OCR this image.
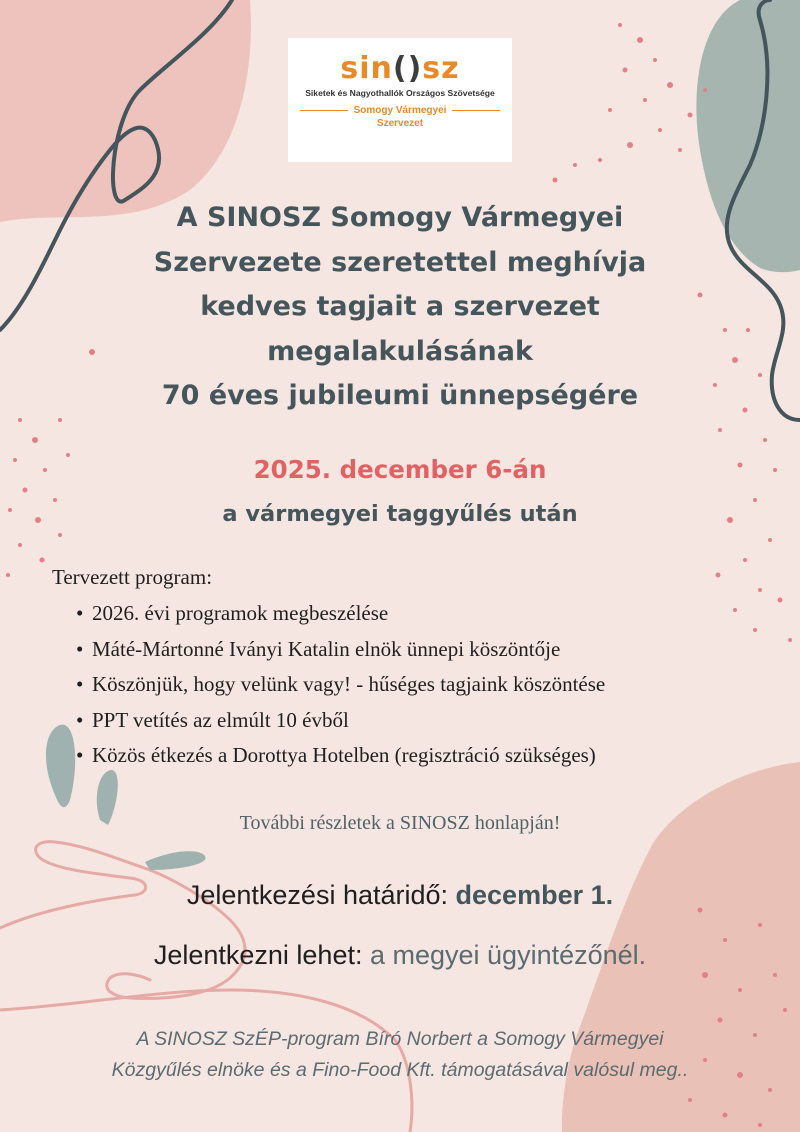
sin()sz
Siketek és Nagyothallók Országos Szövetsége
Somogy Vármegyei
Szervezet
A SINOSZ Somogy Vármegyei
Szervezete szeretettel meghívja
kedves tagjait a szervezet
megalakulásának
70 éves jubileumi ünnepségére
2025. december 6-án
a vármegyei taggyűlés után
Tervezett program:
• 2026. évi programok megbeszélése
• Máté-Mártonné Iványi Katalin elnök ünnepi köszöntője
• Köszönjük, hogy velünk vagy! - hűséges tagjaink köszöntése
• PPT vetítés az elmúlt 10 évből
• Közös étkezés a Dorottya Hotelben (regisztráció szükséges)
További részletek a SINOSZ honlapján!
Jelentkezési határidő: december 1.
Jelentkezni lehet: a megyei ügyintézőnél.
A SINOSZ SzÉP-program Bíró Norbert a Somogy Vármegyei
Közgyűlés elnöke és a Fino-Food Kft. támogatásával valósul meg..
